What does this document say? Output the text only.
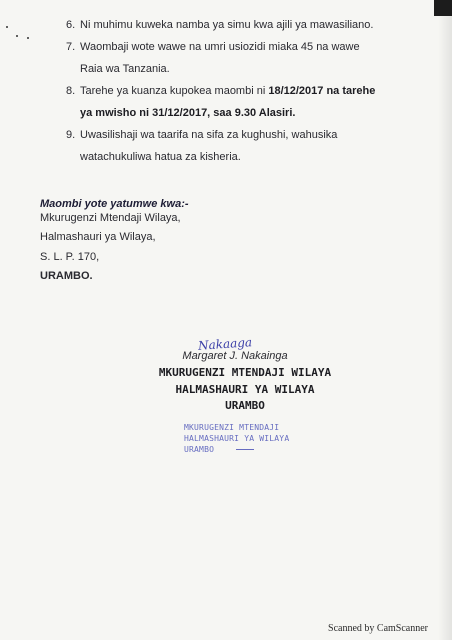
6. Ni muhimu kuweka namba ya simu kwa ajili ya mawasiliano.
7. Waombaji wote wawe na umri usiozidi miaka 45 na wawe
Raia wa Tanzania.
8. Tarehe ya kuanza kupokea maombi ni 18/12/2017 na tarehe
ya mwisho ni 31/12/2017, saa 9.30 Alasiri.
9. Uwasilishaji wa taarifa na sifa za kughushi, wahusika
watachukuliwa hatua za kisheria.
Maombi yote yatumwe kwa:-
Mkurugenzi Mtendaji Wilaya,
Halmashauri ya Wilaya,
S. L. P. 170,
URAMBO.
Nakaaga
Margaret J. Nakainga
MKURUGENZI MTENDAJI WILAYA
HALMASHAURI YA WILAYA
URAMBO
MKURUGENZI MTENDAJI
HALMASHAURI YA WILAYA
URAMBO
Scanned by CamScanner
